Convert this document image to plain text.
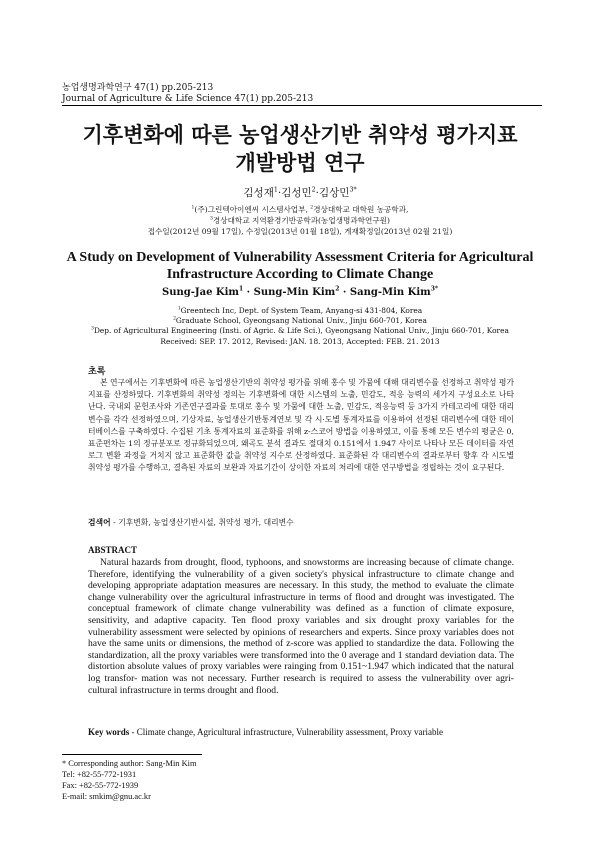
농업생명과학연구 47(1) pp.205-213
Journal of Agriculture & Life Science 47(1) pp.205-213
기후변화에 따른 농업생산기반 취약성 평가지표
개발방법 연구
김성재$^1$·김성민$^2$·김상민$^{3*}$
$^1$(주)그린텍아이엔씨 시스템사업부, $^2$경상대학교 대학원 농공학과,
$^3$경상대학교 지역환경기반공학과(농업생명과학연구원)
접수일(2012년 09월 17일), 수정일(2013년 01월 18일), 게재확정일(2013년 02월 21일)
A Study on Development of Vulnerability Assessment Criteria for Agricultural
Infrastructure According to Climate Change
Sung-Jae Kim$^1$ · Sung-Min Kim$^2$ · Sang-Min Kim$^{3*}$
$^1$Greentech Inc, Dept. of System Team, Anyang-si 431-804, Korea
$^2$Graduate School, Gyeongsang National Univ., Jinju 660-701, Korea
$^3$Dep. of Agricultural Engineering (Insti. of Agric. & Life Sci.), Gyeongsang National Univ., Jinju 660-701, Korea
Received: SEP. 17. 2012, Revised: JAN. 18. 2013, Accepted: FEB. 21. 2013
초록
본 연구에서는 기후변화에 따른 농업생산기반의 취약성 평가를 위해 홍수 및 가뭄에 대해 대리변수를 선정하고 취약성 평가 지표를 산정하였다. 기후변화의 취약성 정의는 기후변화에 대한 시스템의 노출, 민감도, 적응 능력의 세가지 구성요소로 나타난다. 국내외 문헌조사와 기존연구결과를 토대로 홍수 및 가뭄에 대한 노출, 민감도, 적응능력 등 3가지 카테고리에 대한 대리변수를 각각 선정하였으며, 기상자료, 농업생산기반통계연보 및 각 시·도별 통계자료를 이용하여 선정된 대리변수에 대한 데이터베이스를 구축하였다. 수집된 기초 통계자료의 표준화를 위해 z-스코어 방법을 이용하였고, 이를 통해 모든 변수의 평균은 0, 표준편차는 1의 정규분포로 정규화되었으며, 왜곡도 분석 결과도 절대치 0.151에서 1.947 사이로 나타나 모든 데이터를 자연로그 변환 과정을 거치지 않고 표준화한 값을 취약성 지수로 산정하였다. 표준화된 각 대리변수의 결과로부터 향후 각 시도별 취약성 평가를 수행하고, 결측된 자료의 보완과 자료기간이 상이한 자료의 처리에 대한 연구방법을 정립하는 것이 요구된다.
검색어 - 기후변화, 농업생산기반시설, 취약성 평가, 대리변수
ABSTRACT
Natural hazards from drought, flood, typhoons, and snowstorms are increasing because of climate change. Therefore, identifying the vulnerability of a given society's physical infrastructure to climate change and developing appropriate adaptation measures are necessary. In this study, the method to evaluate the climate change vulnerability over the agricultural infrastructure in terms of flood and drought was investigated. The conceptual framework of climate change vulnerability was defined as a function of climate exposure, sensitivity, and adaptive capacity. Ten flood proxy variables and six drought proxy variables for the vulnerability assessment were selected by opinions of researchers and experts. Since proxy variables does not have the same units or dimensions, the method of z-score was applied to standardize the data. Following the standardization, all the proxy variables were transformed into the 0 average and 1 standard deviation data. The distortion absolute values of proxy variables were rainging from 0.151~1.947 which indicated that the natural log transfor- mation was not necessary. Further research is required to assess the vulnerability over agri- cultural infrastructure in terms drought and flood.
Key words - Climate change, Agricultural infrastructure, Vulnerability assessment, Proxy variable
* Corresponding author: Sang-Min Kim
Tel: +82-55-772-1931
Fax: +82-55-772-1939
E-mail: smkim@gnu.ac.kr
